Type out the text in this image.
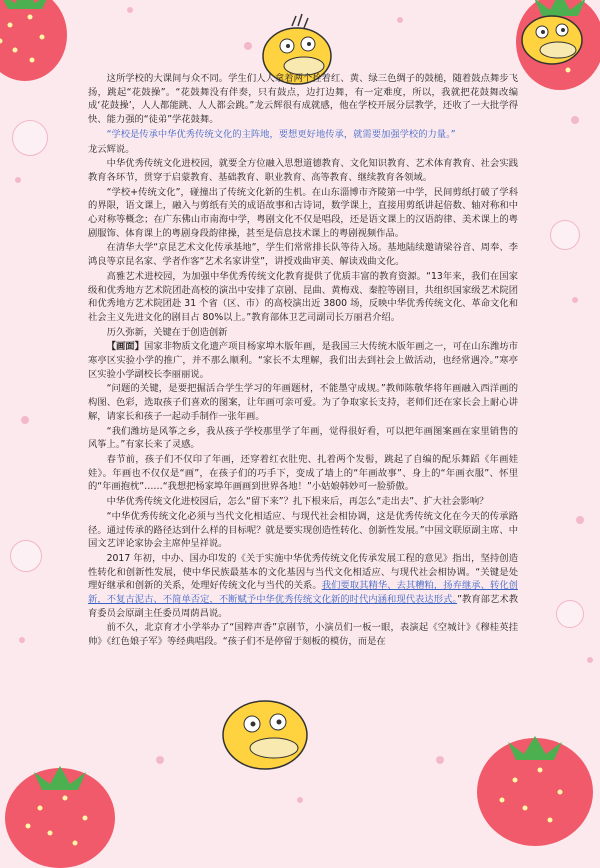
这所学校的大课间与众不同。学生们人人拿着两个拴着红、黄、绿三色绸子的鼓槌，随着鼓点舞步飞扬，跳起“花鼓操”。“花鼓舞没有伴奏，只有鼓点，边打边舞，有一定难度，所以，我就把花鼓舞改编成‘花鼓操’，人人都能跳、人人都会跳。”龙云辉很有成就感，他在学校开展分层教学，还收了一大批学得快、能力强的“徒弟”学花鼓舞。

“学校是传承中华优秀传统文化的主阵地，要想更好地传承，就需要加强学校的力量。”

龙云辉说。

中华优秀传统文化进校园，就要全方位融入思想道德教育、文化知识教育、艺术体育教育、社会实践教育各环节，贯穿于启蒙教育、基础教育、职业教育、高等教育、继续教育各领域。

“学校+传统文化”，碰撞出了传统文化新的生机。在山东淄博市齐陵第一中学，民间剪纸打破了学科的界限，语文课上，融入与剪纸有关的成语故事和古诗词，数学课上，直接用剪纸讲起倍数、轴对称和中心对称等概念；在广东佛山市南海中学，粤剧文化不仅是唱段，还是语文课上的汉语韵律、美术课上的粤剧服饰、体育课上的粤剧身段韵律操，甚至是信息技术课上的粤剧视频作品。

在清华大学“京昆艺术文化传承基地”，学生们常常排长队等待入场。基地陆续邀请梁谷音、周奉、李鸿良等京昆名家、学者作客“艺术名家讲堂”，讲授戏曲审美、解读戏曲文化。

高雅艺术进校园，为加强中华优秀传统文化教育提供了优质丰富的教育资源。“13年来，我们在国家级和优秀地方艺术院团赴高校的演出中安排了京剧、昆曲、黄梅戏、秦腔等剧目，共组织国家级艺术院团和优秀地方艺术院团赴 31 个省（区、市）的高校演出近 3800 场，反映中华优秀传统文化、革命文化和社会主义先进文化的剧目占 80%以上。”教育部体卫艺司副司长万丽君介绍。

历久弥新，关键在于创造创新

【画面】国家非物质文化遗产项目杨家埠木版年画，是我国三大传统木版年画之一，可在山东潍坊市寒亭区实验小学的推广，并不那么顺利。“家长不太理解，我们出去到社会上做活动，也经常遇冷。”寒亭区实验小学副校长李丽丽说。

“问题的关键，是要把掘活合学生学习的年画题材，不能墨守成规。”教师陈敬华将年画融入西洋画的构图、色彩，选取孩子们喜欢的图案，让年画可亲可爱。为了争取家长支持，老师们还在家长会上耐心讲解，请家长和孩子一起动手制作一张年画。

“我们潍坊是风筝之乡，我从孩子学校那里学了年画，觉得很好看，可以把年画图案画在家里销售的风筝上。”有家长来了灵感。

春节前，孩子们不仅印了年画，还穿着红衣肚兜、扎着两个发髻，跳起了自编的配乐舞蹈《年画娃娃》。年画也不仅仅是“画”，在孩子们的巧手下，变成了墙上的“年画故事”、身上的“年画衣服”、怀里的“年画抱枕”……“我想把杨家埠年画画到世界各地！”小姑娘韩妙可一脸骄傲。

中华优秀传统文化进校园后，怎么“留下来”？扎下根来后，再怎么“走出去”、扩大社会影响？

“中华优秀传统文化必须与当代文化相适应、与现代社会相协调，这是优秀传统文化在今天的传承路径。通过传承的路径达到什么样的目标呢？就是要实现创造性转化、创新性发展。”中国文联原副主席、中国文艺评论家协会主席仲呈祥说。

2017 年初，中办、国办印发的《关于实施中华优秀传统文化传承发展工程的意见》指出，坚持创造性转化和创新性发展，使中华民族最基本的文化基因与当代文化相适应、与现代社会相协调。“关键是处理好继承和创新的关系，处理好传统文化与当代的关系。我们要取其精华、去其糟粕，扬弃继承、转化创新，不复古泥古、不简单否定，不断赋予中华优秀传统文化新的时代内涵和现代表达形式。”教育部艺术教育委员会原副主任委员周荫昌说。

前不久，北京育才小学举办了“国粹声香”京剧节，小演员们一板一眼，表演起《空城计》《穆桂英挂帅》《红色娘子军》等经典唱段。“孩子们不是停留于刻板的模仿，而是在
